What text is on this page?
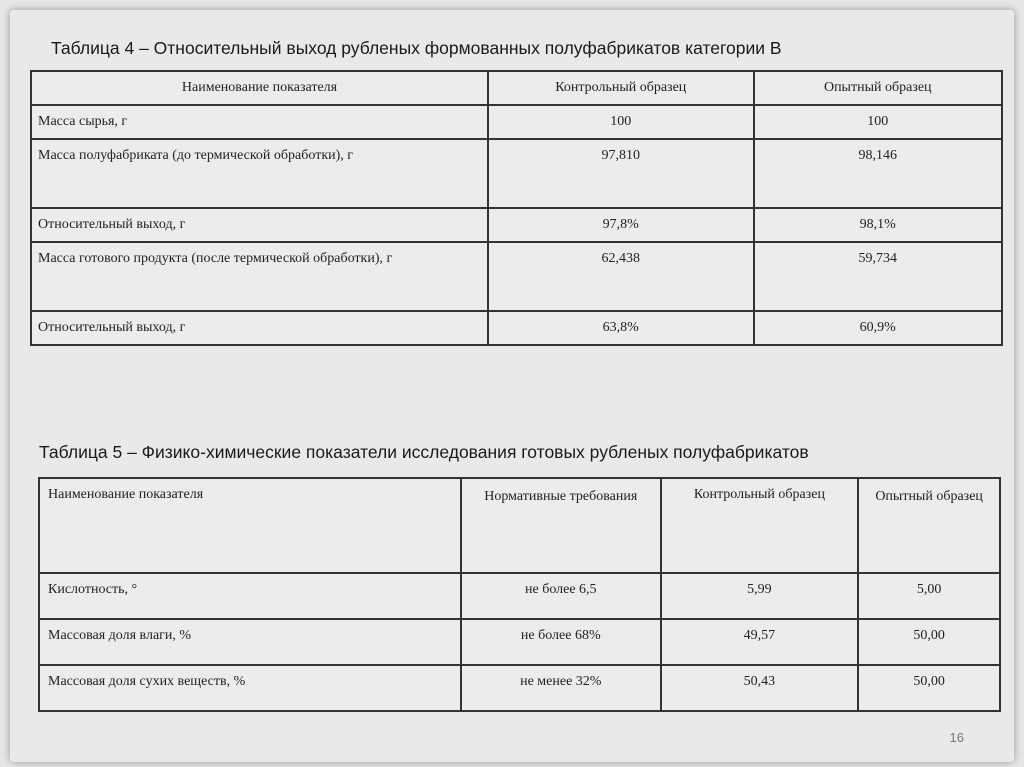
Таблица 4 – Относительный выход рубленых формованных полуфабрикатов категории В
Наименование показателя	Контрольный образец	Опытный образец
Масса сырья, г	100	100
Масса полуфабриката (до термической обработки), г	97,810	98,146
Относительный выход, г	97,8%	98,1%
Масса готового продукта (после термической обработки), г	62,438	59,734
Относительный выход, г	63,8%	60,9%
Таблица 5 – Физико-химические показатели исследования готовых рубленых полуфабрикатов
Наименование показателя	Нормативные требования	Контрольный образец	Опытный образец
Кислотность, °	не более 6,5	5,99	5,00
Массовая доля влаги, %	не более 68%	49,57	50,00
Массовая доля сухих веществ, %	не менее 32%	50,43	50,00
16
